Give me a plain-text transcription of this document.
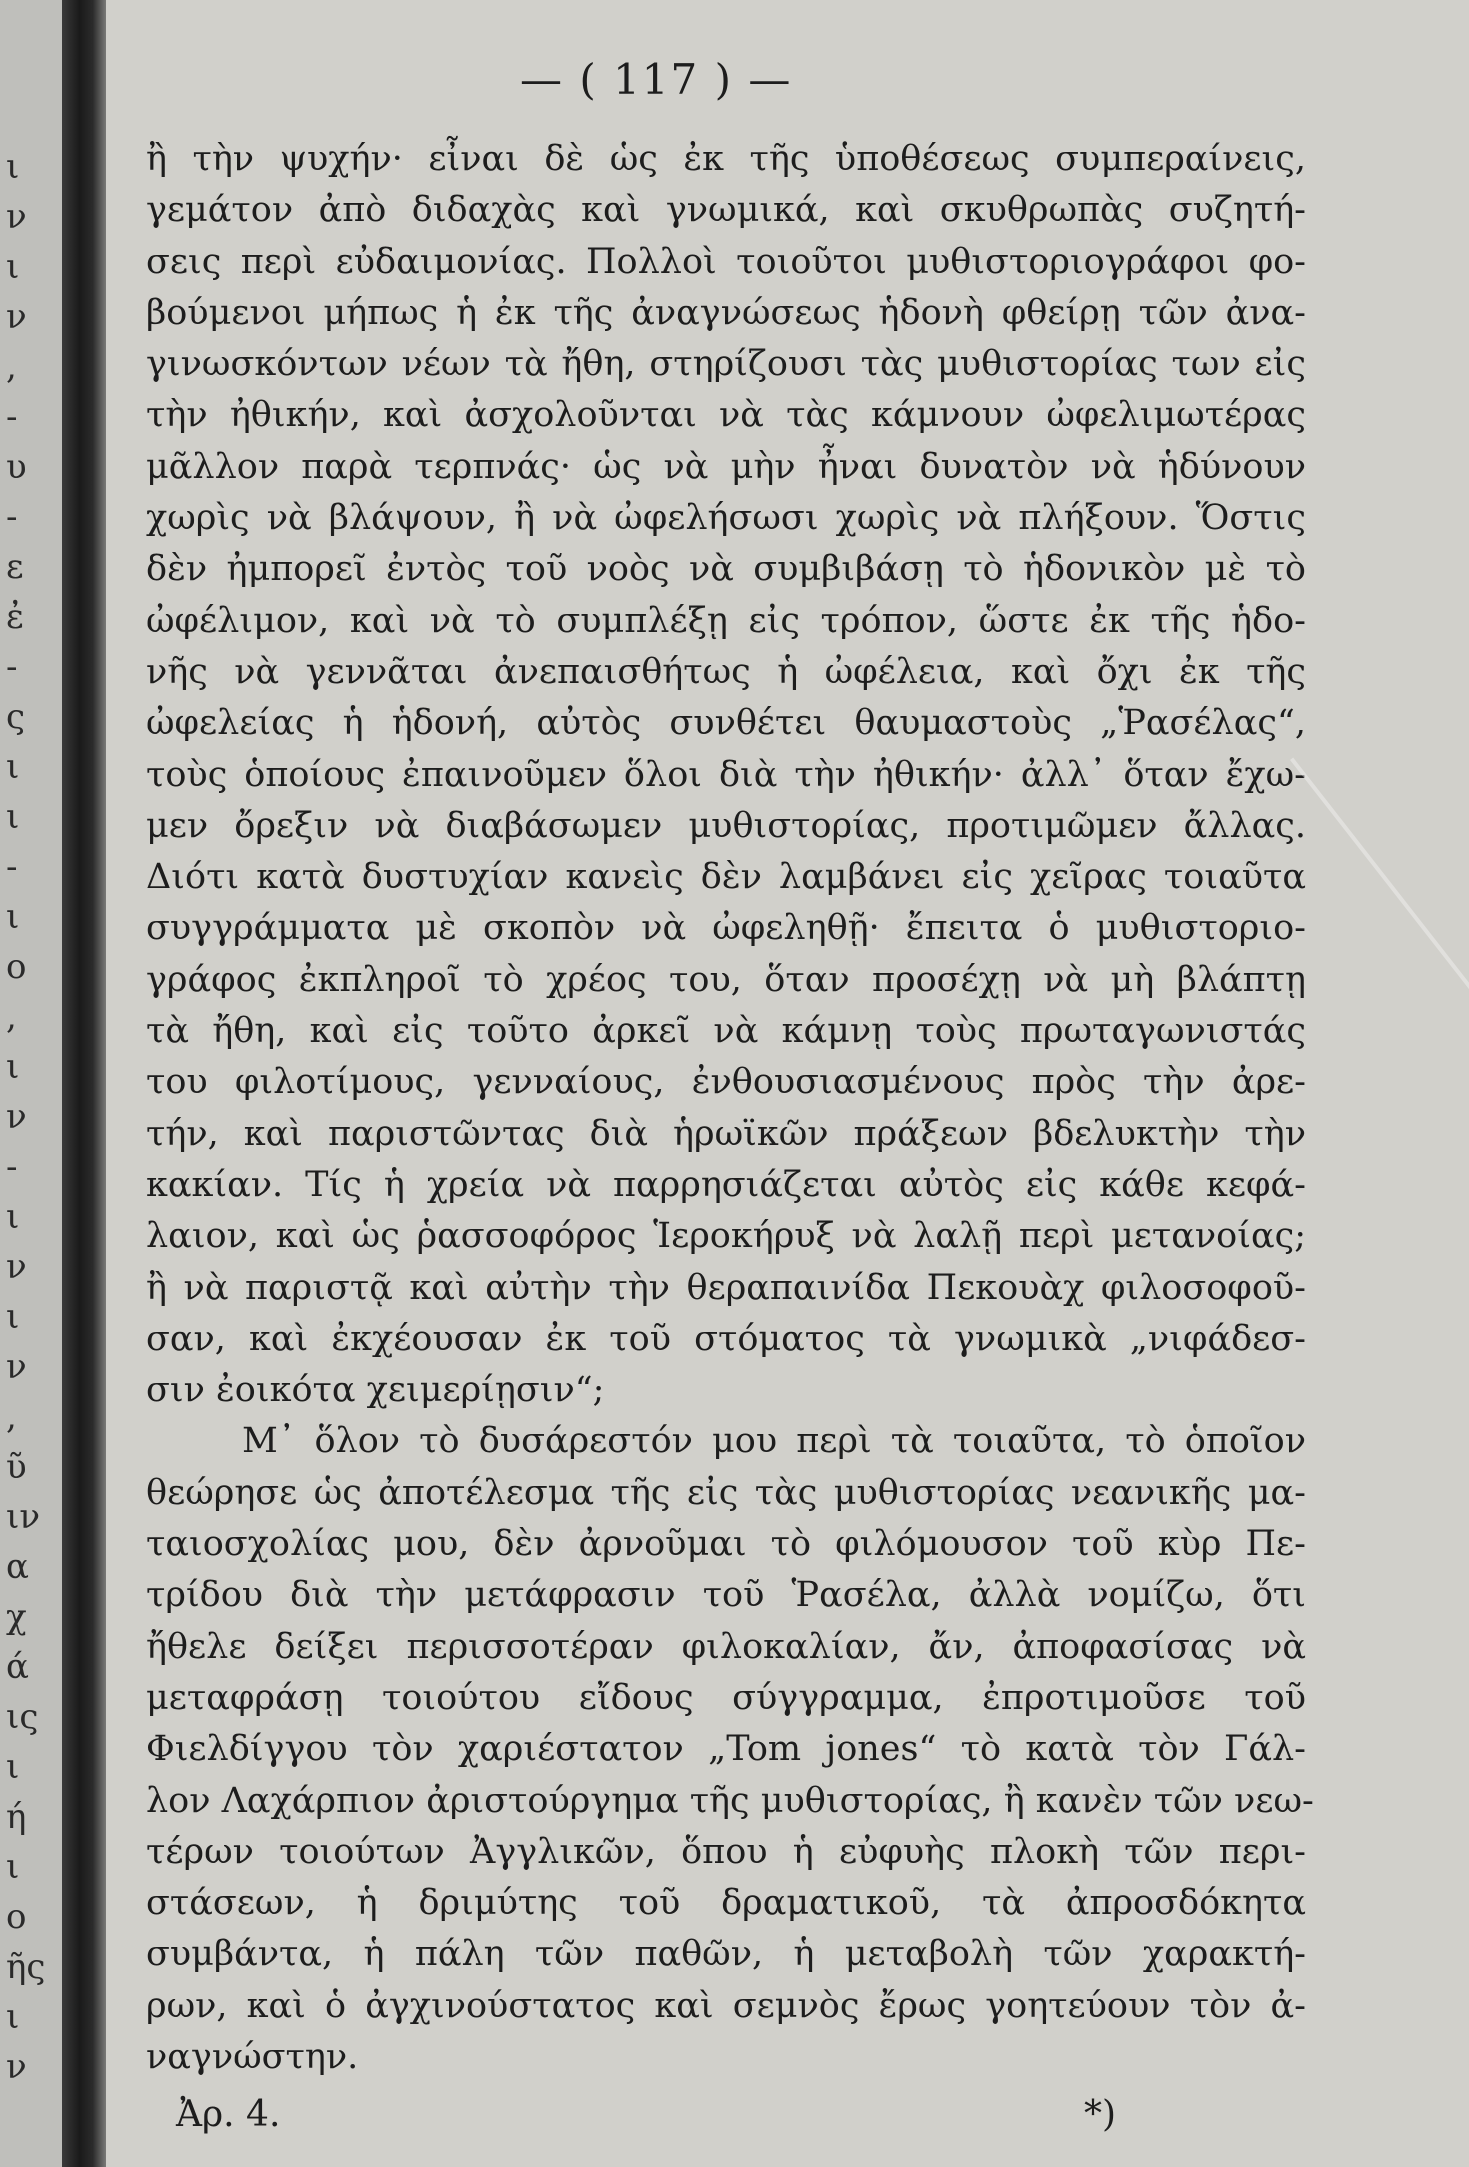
ι
ν
ι
ν
,
-
υ
-
ε
ἐ
-
ς
ι
ι
-
ι
ο
,
ι
ν
-
ι
ν
ι
ν
,
ῦ
ιν
α
χ
ά
ις
ι
ή
ι
ο
ῆς
ι
ν
— ( 117 ) —
ἢ τὴν ψυχήν· εἶναι δὲ ὡς ἐκ τῆς ὑποθέσεως συμπεραίνεις,
γεμάτον ἀπὸ διδαχὰς καὶ γνωμικά, καὶ σκυθρωπὰς συζητή-
σεις περὶ εὐδαιμονίας. Πολλοὶ τοιοῦτοι μυθιστοριογράφοι φο-
βούμενοι μήπως ἡ ἐκ τῆς ἀναγνώσεως ἡδονὴ φθείρῃ τῶν ἀνα-
γινωσκόντων νέων τὰ ἤθη, στηρίζουσι τὰς μυθιστορίας των εἰς
τὴν ἠθικήν, καὶ ἀσχολοῦνται νὰ τὰς κάμνουν ὠφελιμωτέρας
μᾶλλον παρὰ τερπνάς· ὡς νὰ μὴν ἦναι δυνατὸν νὰ ἡδύνουν
χωρὶς νὰ βλάψουν, ἢ νὰ ὠφελήσωσι χωρὶς νὰ πλήξουν. Ὅστις
δὲν ἠμπορεῖ ἐντὸς τοῦ νοὸς νὰ συμβιβάσῃ τὸ ἡδονικὸν μὲ τὸ
ὠφέλιμον, καὶ νὰ τὸ συμπλέξῃ εἰς τρόπον, ὥστε ἐκ τῆς ἡδο-
νῆς νὰ γεννᾶται ἀνεπαισθήτως ἡ ὠφέλεια, καὶ ὄχι ἐκ τῆς
ὠφελείας ἡ ἡδονή, αὐτὸς συνθέτει θαυμαστοὺς „Ῥασέλας“,
τοὺς ὁποίους ἐπαινοῦμεν ὅλοι διὰ τὴν ἠθικήν· ἀλλ᾽ ὅταν ἔχω-
μεν ὄρεξιν νὰ διαβάσωμεν μυθιστορίας, προτιμῶμεν ἄλλας.
Διότι κατὰ δυστυχίαν κανεὶς δὲν λαμβάνει εἰς χεῖρας τοιαῦτα
συγγράμματα μὲ σκοπὸν νὰ ὠφεληθῇ· ἔπειτα ὁ μυθιστοριο-
γράφος ἐκπληροῖ τὸ χρέος του, ὅταν προσέχῃ νὰ μὴ βλάπτῃ
τὰ ἤθη, καὶ εἰς τοῦτο ἀρκεῖ νὰ κάμνῃ τοὺς πρωταγωνιστάς
του φιλοτίμους, γενναίους, ἐνθουσιασμένους πρὸς τὴν ἀρε-
τήν, καὶ παριστῶντας διὰ ἡρωϊκῶν πράξεων βδελυκτὴν τὴν
κακίαν. Τίς ἡ χρεία νὰ παρρησιάζεται αὐτὸς εἰς κάθε κεφά-
λαιον, καὶ ὡς ῥασσοφόρος Ἱεροκήρυξ νὰ λαλῇ περὶ μετανοίας;
ἢ νὰ παριστᾷ καὶ αὐτὴν τὴν θεραπαινίδα Πεκουὰχ φιλοσοφοῦ-
σαν, καὶ ἐκχέουσαν ἐκ τοῦ στόματος τὰ γνωμικὰ „νιφάδεσ-
σιν ἐοικότα χειμερίῃσιν“;
Μ᾽ ὅλον τὸ δυσάρεστόν μου περὶ τὰ τοιαῦτα, τὸ ὁποῖον
θεώρησε ὡς ἀποτέλεσμα τῆς εἰς τὰς μυθιστορίας νεανικῆς μα-
ταιοσχολίας μου, δὲν ἀρνοῦμαι τὸ φιλόμουσον τοῦ κὺρ Πε-
τρίδου διὰ τὴν μετάφρασιν τοῦ Ῥασέλα, ἀλλὰ νομίζω, ὅτι
ἤθελε δείξει περισσοτέραν φιλοκαλίαν, ἄν, ἀποφασίσας νὰ
μεταφράσῃ τοιούτου εἴδους σύγγραμμα, ἐπροτιμοῦσε τοῦ
Φιελδίγγου τὸν χαριέστατον „Tom jones“ τὸ κατὰ τὸν Γάλ-
λον Λαχάρπιον ἀριστούργημα τῆς μυθιστορίας, ἢ κανὲν τῶν νεω-
τέρων τοιούτων Ἀγγλικῶν, ὅπου ἡ εὐφυὴς πλοκὴ τῶν περι-
στάσεων, ἡ δριμύτης τοῦ δραματικοῦ, τὰ ἀπροσδόκητα
συμβάντα, ἡ πάλη τῶν παθῶν, ἡ μεταβολὴ τῶν χαρακτή-
ρων, καὶ ὁ ἀγχινούστατος καὶ σεμνὸς ἔρως γοητεύουν τὸν ἀ-
ναγνώστην.
Ἀρ. 4.	*)
